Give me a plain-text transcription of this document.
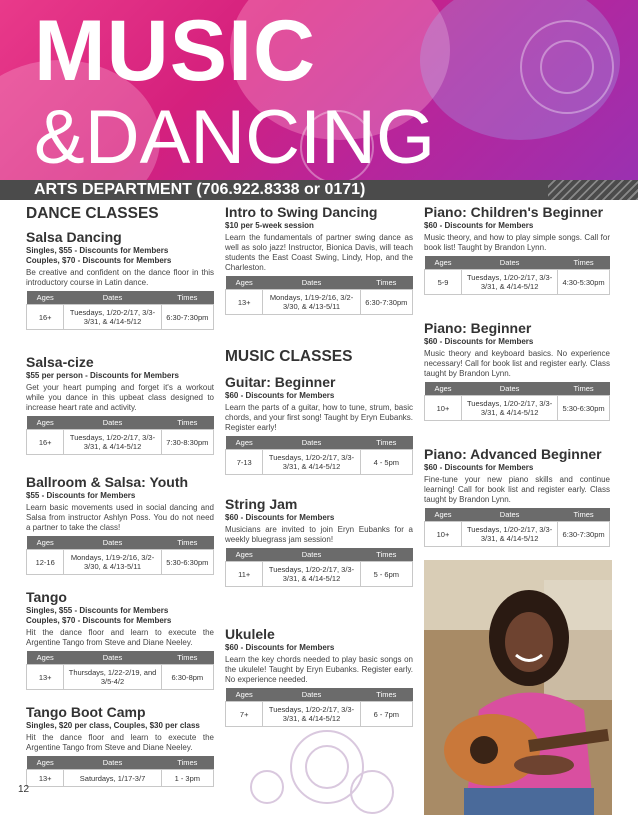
MUSIC
&DANCING
ARTS DEPARTMENT (706.922.8338 or 0171)
DANCE CLASSES
Salsa Dancing
Singles, $55 - Discounts for Members
Couples, $70 - Discounts for Members
Be creative and confident on the dance floor in this introductory course in Latin dance.
Ages	Dates	Times
16+	Tuesdays, 1/20-2/17, 3/3-3/31, & 4/14-5/12	6:30-7:30pm
Salsa-cize
$55 per person - Discounts for Members
Get your heart pumping and forget it's a workout while you dance in this upbeat class designed to increase heart rate and activity.
Ages	Dates	Times
16+	Tuesdays, 1/20-2/17, 3/3-3/31, & 4/14-5/12	7:30-8:30pm
Ballroom & Salsa: Youth
$55 - Discounts for Members
Learn basic movements used in social dancing and Salsa from instructor Ashlyn Poss. You do not need a partner to take the class!
Ages	Dates	Times
12-16	Mondays, 1/19-2/16, 3/2-3/30, & 4/13-5/11	5:30-6:30pm
Tango
Singles, $55 - Discounts for Members
Couples, $70 - Discounts for Members
Hit the dance floor and learn to execute the Argentine Tango from Steve and Diane Neeley.
Ages	Dates	Times
13+	Thursdays, 1/22-2/19, and 3/5-4/2	6:30-8pm
Tango Boot Camp
Singles, $20 per class, Couples, $30 per class
Hit the dance floor and learn to execute the Argentine Tango from Steve and Diane Neeley.
Ages	Dates	Times
13+	Saturdays, 1/17-3/7	1 - 3pm
Intro to Swing Dancing
$10 per 5-week session
Learn the fundamentals of partner swing dance as well as solo jazz! Instructor, Bionica Davis, will teach students the East Coast Swing, Lindy, Hop, and the Charleston.
Ages	Dates	Times
13+	Mondays, 1/19-2/16, 3/2-3/30, & 4/13-5/11	6:30-7:30pm
MUSIC CLASSES
Guitar: Beginner
$60 - Discounts for Members
Learn the parts of a guitar, how to tune, strum, basic chords, and your first song! Taught by Eryn Eubanks. Register early!
Ages	Dates	Times
7-13	Tuesdays, 1/20-2/17, 3/3-3/31, & 4/14-5/12	4 - 5pm
String Jam
$60 - Discounts for Members
Musicians are invited to join Eryn Eubanks for a weekly bluegrass jam session!
Ages	Dates	Times
11+	Tuesdays, 1/20-2/17, 3/3-3/31, & 4/14-5/12	5 - 6pm
Ukulele
$60 - Discounts for Members
Learn the key chords needed to play basic songs on the ukulele! Taught by Eryn Eubanks. Register early. No experience needed.
Ages	Dates	Times
7+	Tuesdays, 1/20-2/17, 3/3-3/31, & 4/14-5/12	6 - 7pm
Piano: Children's Beginner
$60 - Discounts for Members
Music theory, and how to play simple songs. Call for book list! Taught by Brandon Lynn.
Ages	Dates	Times
5-9	Tuesdays, 1/20-2/17, 3/3-3/31, & 4/14-5/12	4:30-5:30pm
Piano: Beginner
$60 - Discounts for Members
Music theory and keyboard basics. No experience necessary! Call for book list and register early. Class taught by Brandon Lynn.
Ages	Dates	Times
10+	Tuesdays, 1/20-2/17, 3/3-3/31, & 4/14-5/12	5:30-6:30pm
Piano: Advanced Beginner
$60 - Discounts for Members
Fine-tune your new piano skills and continue learning! Call for book list and register early. Class taught by Brandon Lynn.
Ages	Dates	Times
10+	Tuesdays, 1/20-2/17, 3/3-3/31, & 4/14-5/12	6:30-7:30pm
12
